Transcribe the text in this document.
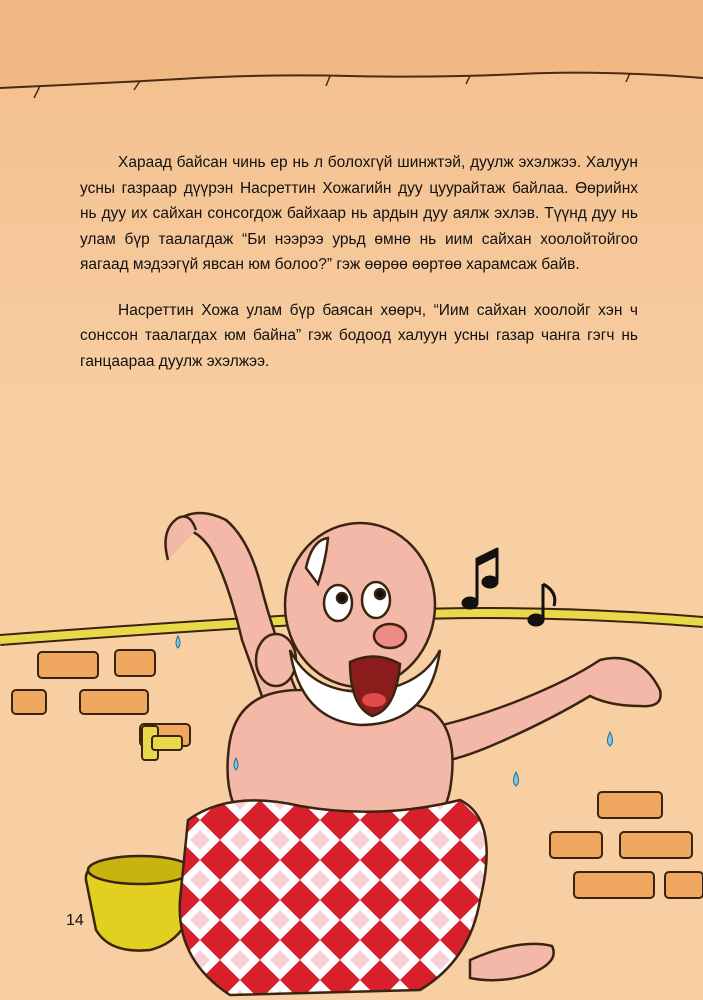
Хараад байсан чинь ер нь л болохгүй шинжтэй, дуулж эхэлжээ. Халуун усны газраар дүүрэн Насреттин Хожагийн дуу цуурайтаж байлаа. Өөрийнх нь дуу их сайхан сонсогдож байхаар нь ардын дуу аялж эхлэв. Түүнд дуу нь улам бүр таалагдаж “Би нээрээ урьд өмнө нь иим сайхан хоолойтойгоо яагаад мэдээгүй явсан юм болоо?” гэж өөрөө өөртөө харамсаж байв.

Насреттин Хожа улам бүр баясан хөөрч, “Иим сайхан хоолойг хэн ч сонссон таалагдах юм байна” гэж бодоод халуун усны газар чанга гэгч нь ганцаараа дуулж эхэлжээ.

14
